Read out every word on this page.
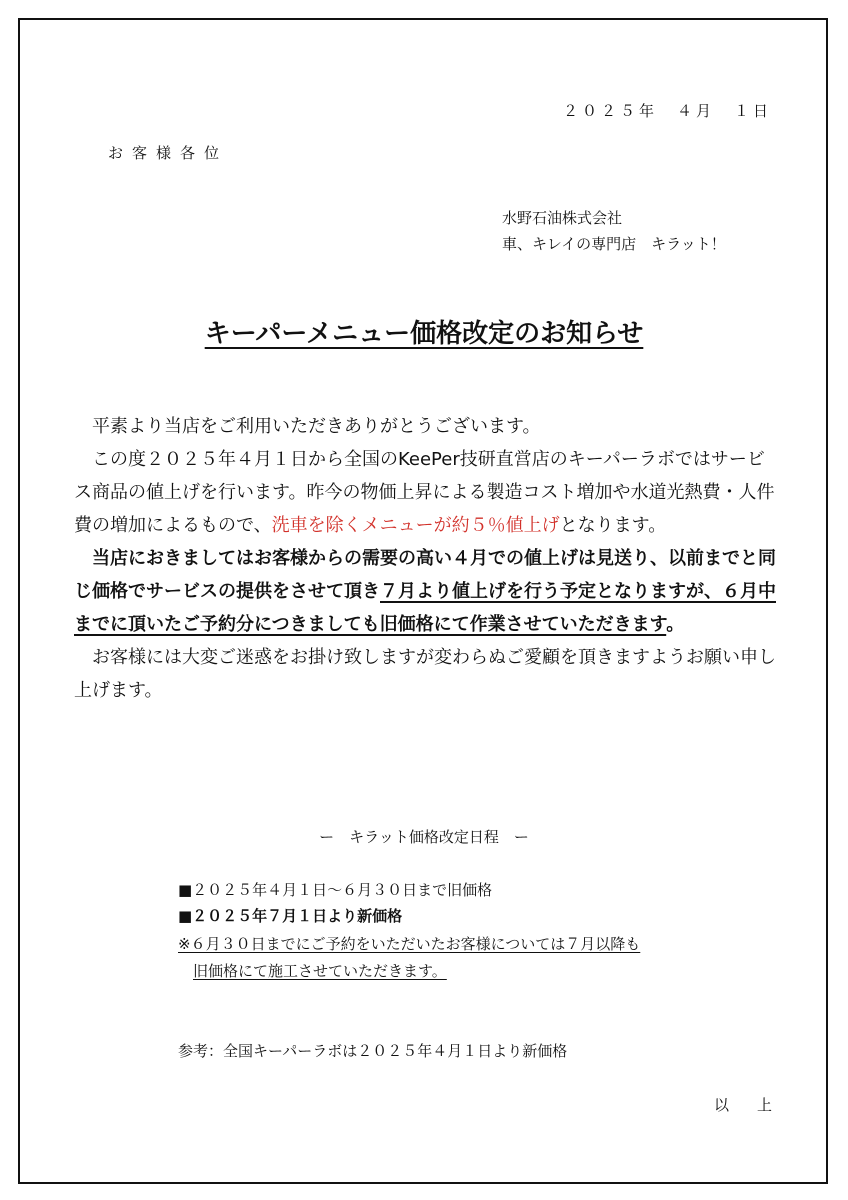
２０２５年　４月　１日
お客様各位
水野石油株式会社
車、キレイの専門店　キラット！
キーパーメニュー価格改定のお知らせ

平素より当店をご利用いただきありがとうございます。

この度２０２５年４月１日から全国のKeePer技研直営店のキーパーラボではサービス商品の値上げを行います。昨今の物価上昇による製造コスト増加や水道光熱費・人件費の増加によるもので、洗車を除くメニューが約５％値上げとなります。

当店におきましてはお客様からの需要の高い４月での値上げは見送り、以前までと同じ価格でサービスの提供をさせて頂き７月より値上げを行う予定となりますが、６月中までに頂いたご予約分につきましても旧価格にて作業させていただきます。

お客様には大変ご迷惑をお掛け致しますが変わらぬご愛顧を頂きますようお願い申し上げます。

ー　キラット価格改定日程　ー
■２０２５年４月１日～６月３０日まで旧価格
■２０２５年７月１日より新価格
※６月３０日までにご予約をいただいたお客様については７月以降も
旧価格にて施工させていただきます。
参考：全国キーパーラボは２０２５年４月１日より新価格
以上
